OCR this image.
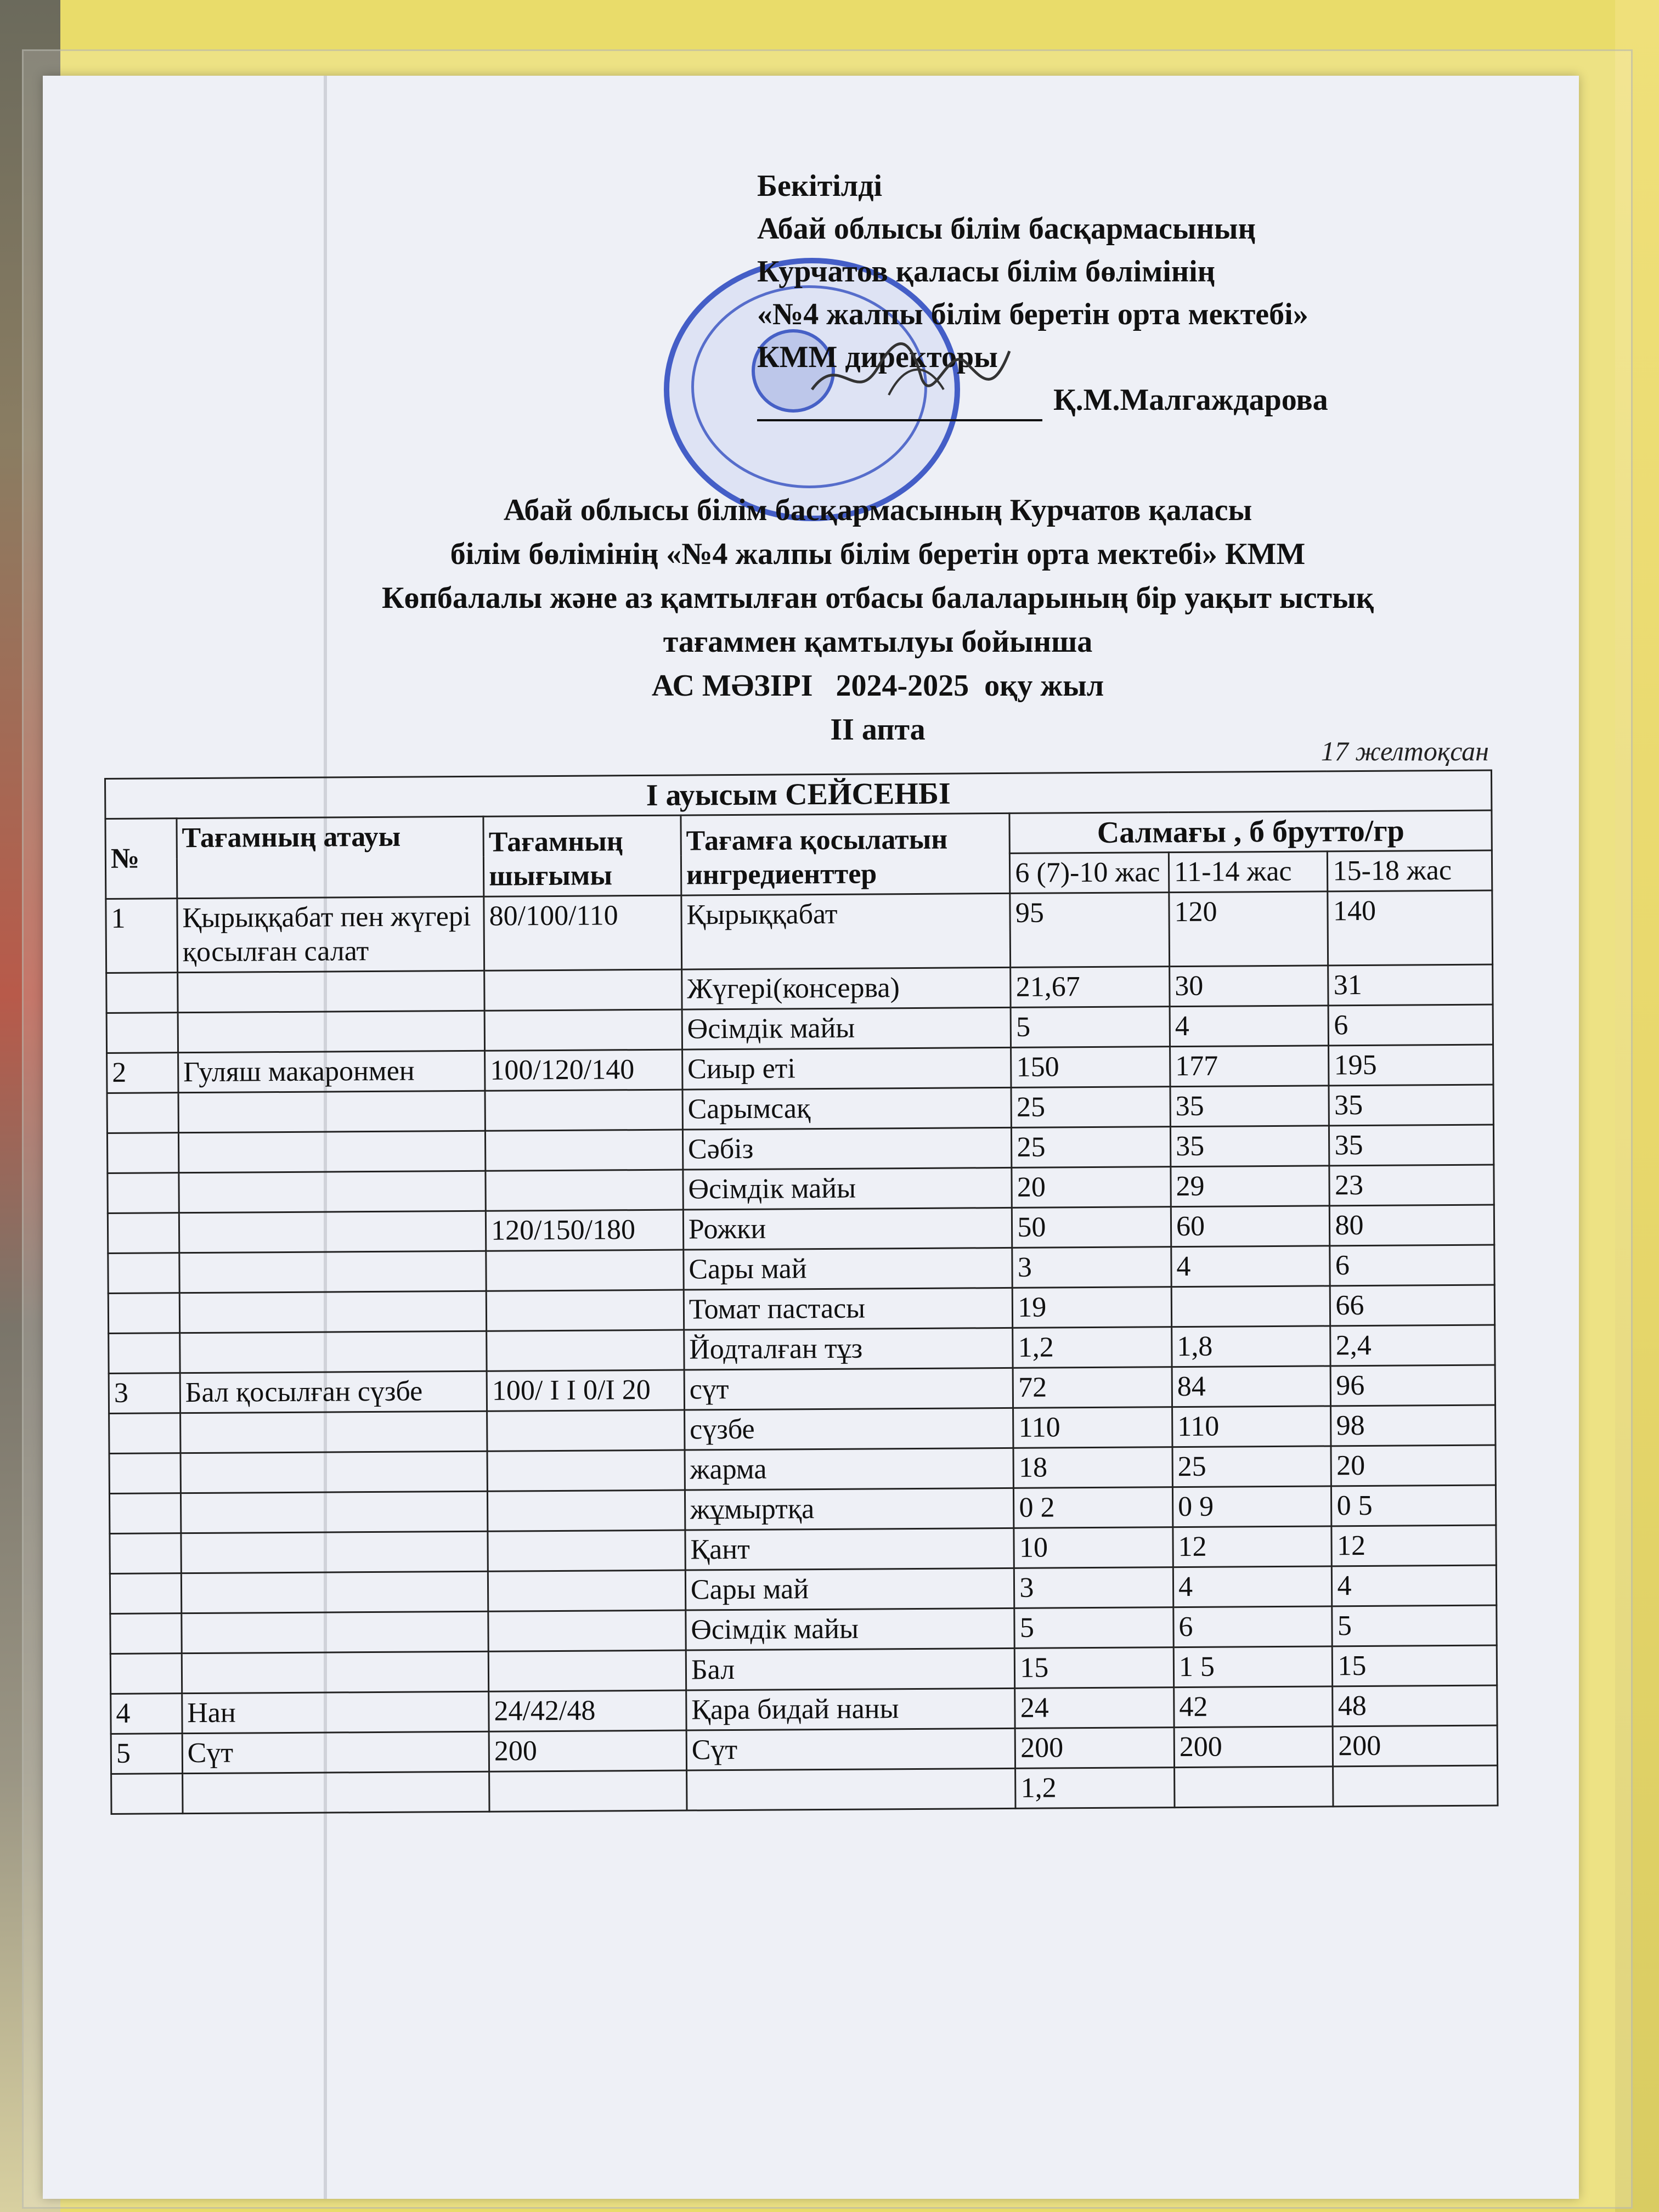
Бекітілді
Абай облысы білім басқармасының
Курчатов қаласы білім бөлімінің
«№4 жалпы білім беретін орта мектебі»
КММ директоры
Қ.М.Малгаждарова
Абай облысы білім басқармасының Курчатов қаласы
білім бөлімінің «№4 жалпы білім беретін орта мектебі» КММ
Көпбалалы және аз қамтылған отбасы балаларының бір уақыт ыстық
тағаммен қамтылуы бойынша
АС МӘЗІРІ   2024-2025  оқу жыл
II апта
17 желтоқсан
І ауысым СЕЙСЕНБІ						
№	Тағамның атауы	Тағамның шығымы	Тағамға қосылатын ингредиенттер	Салмағы , б брутто/гр		
				6 (7)-10 жас	11-14 жас	15-18 жас
1	Қырыққабат пен жүгері қосылған салат	80/100/110	Қырыққабат	95	120	140
			Жүгері(консерва)	21,67	30	31
			Өсімдік майы	5	4	6
2	Гуляш макаронмен	100/120/140	Сиыр еті	150	177	195
			Сарымсақ	25	35	35
			Сәбіз	25	35	35
			Өсімдік майы	20	29	23
		120/150/180	Рожки	50	60	80
			Сары май	3	4	6
			Томат пастасы	19		66
			Йодталған тұз	1,2	1,8	2,4
3	Бал қосылған сүзбе	100/ І І 0/І 20	сүт	72	84	96
			сүзбе	110	110	98
			жарма	18	25	20
			жұмыртқа	0 2	0 9	0 5
			Қант	10	12	12
			Сары май	3	4	4
			Өсімдік майы	5	6	5
			Бал	15	1 5	15
4	Нан	24/42/48	Қара бидай наны	24	42	48
5	Сүт	200	Сүт	200	200	200
				1,2		
